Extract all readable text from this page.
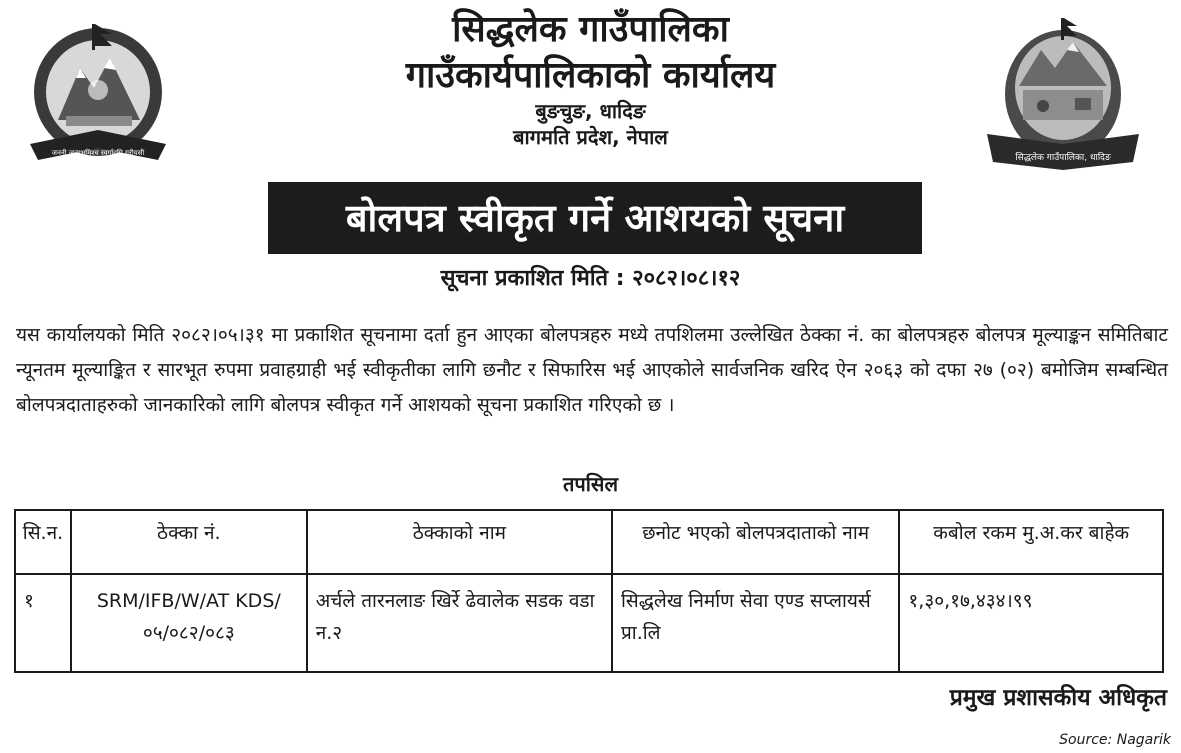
जननी जन्मभूमिश्च स्वर्गादपि गरीयसी	सिद्धलेक गाउँपालिका, धादिङ
सिद्धलेक गाउँपालिका
गाउँकार्यपालिकाको कार्यालय
बुङचुङ, धादिङ
बागमति प्रदेश, नेपाल
बोलपत्र स्वीकृत गर्ने आशयको सूचना
सूचना प्रकाशित मिति : २०८२।०८।१२
यस कार्यालयको मिति २०८२।०५।३१ मा प्रकाशित सूचनामा दर्ता हुन आएका बोलपत्रहरु मध्ये तपशिलमा उल्लेखित ठेक्का नं. का बोलपत्रहरु बोलपत्र मूल्याङ्कन समितिबाट न्यूनतम मूल्याङ्कित र सारभूत रुपमा प्रवाहग्राही भई स्वीकृतीका लागि छनौट र सिफारिस भई आएकोले सार्वजनिक खरिद ऐन २०६३ को दफा २७ (०२) बमोजिम सम्बन्धित बोलपत्रदाताहरुको जानकारिको लागि बोलपत्र स्वीकृत गर्ने आशयको सूचना प्रकाशित गरिएको छ ।
तपसिल
सि.न.	ठेक्का नं.	ठेक्काको नाम	छनोट भएको बोलपत्रदाताको नाम	कबोल रकम मु.अ.कर बाहेक
१	SRM/IFB/W/AT KDS/०५/०८२/०८३	अर्चले तारनलाङ खिर्रे ढेवालेक सडक वडा न.२	सिद्धलेख निर्माण सेवा एण्ड सप्लायर्स प्रा.लि	१,३०,१७,४३४।९९
प्रमुख प्रशासकीय अधिकृत
Source: Nagarik
